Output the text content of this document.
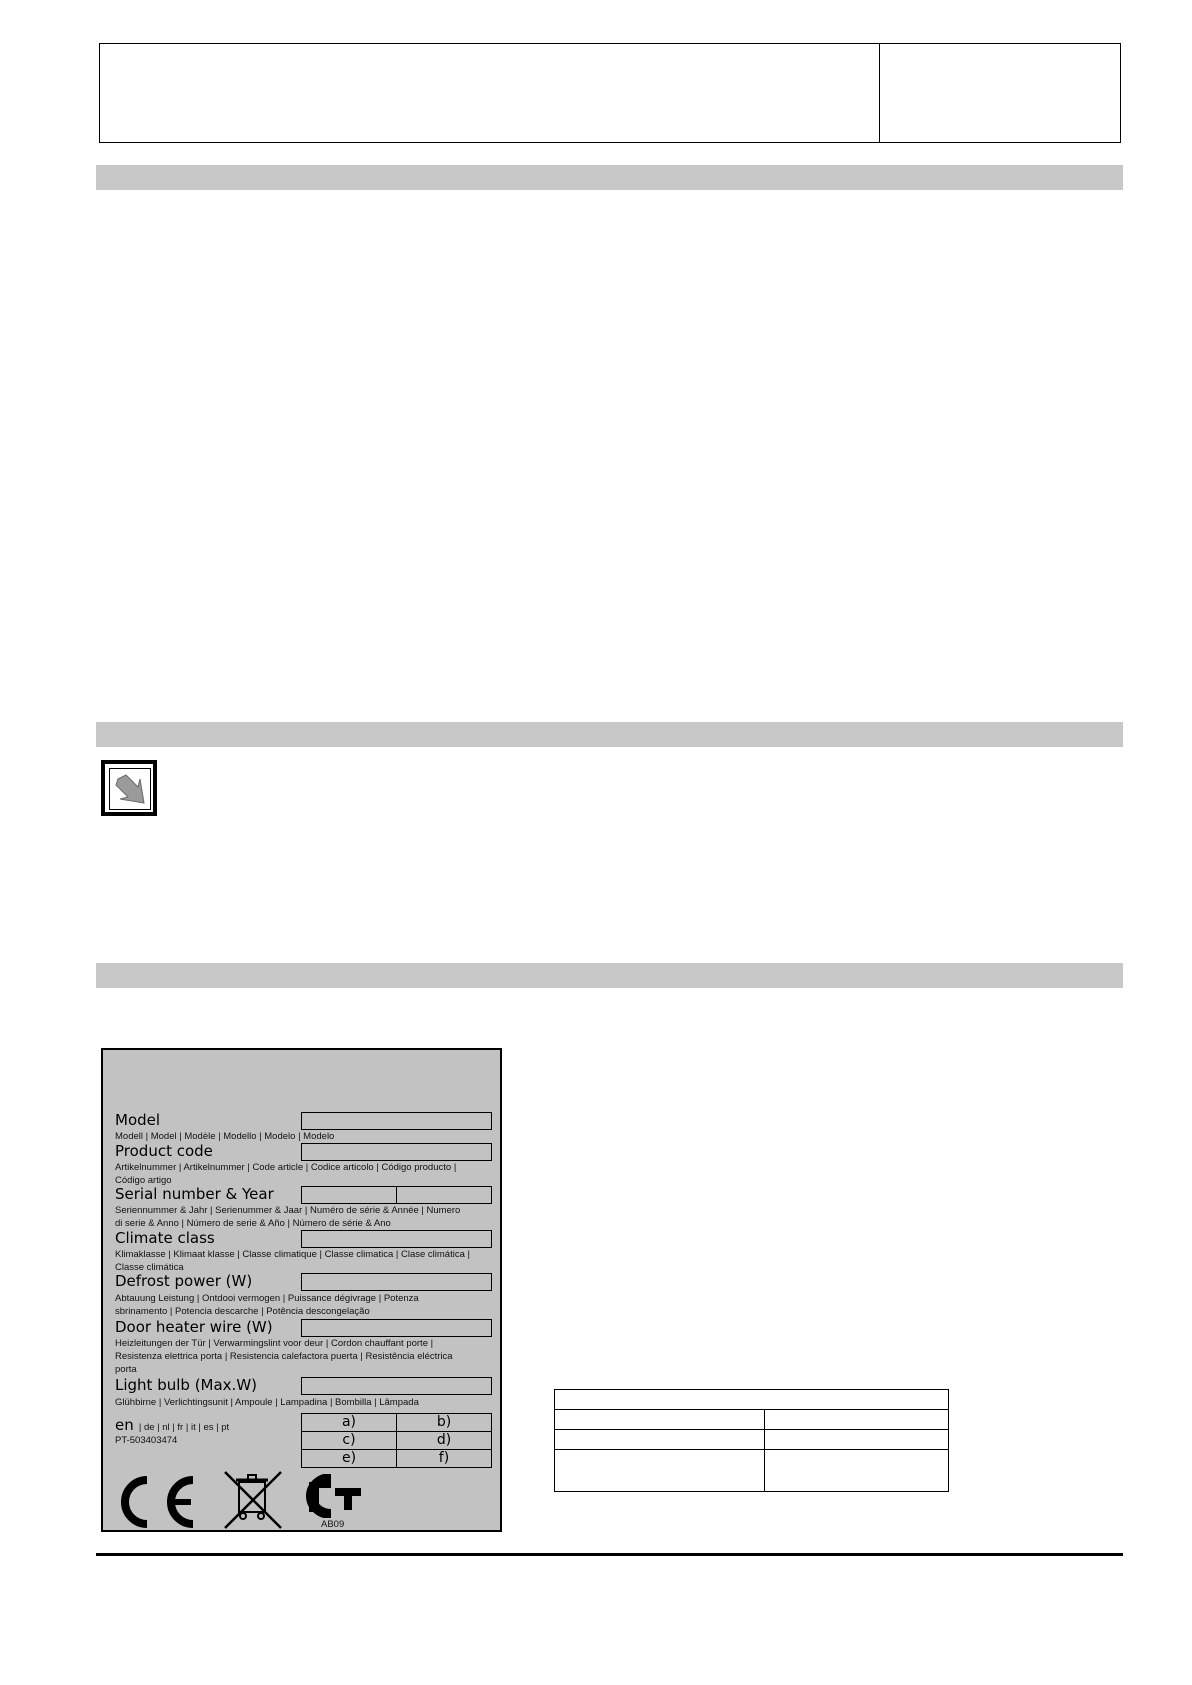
Model
Modell | Model | Modèle | Modello | Modelo | Modelo
Product code
Artikelnummer | Artikelnummer | Code article | Codice articolo | Código producto |
Código artigo
Serial number & Year
Seriennummer & Jahr | Serienummer & Jaar | Numéro de série & Année | Numero
di serie & Anno | Número de serie & Año | Número de série & Ano
Climate class
Klimaklasse | Klimaat klasse | Classe climatique | Classe climatica | Clase climática |
Classe climática
Defrost power (W)
Abtauung Leistung | Ontdooi vermogen | Puissance dégivrage | Potenza
sbrinamento | Potencia descarche | Potência descongelação
Door heater wire (W)
Heizleitungen der Tür | Verwarmingslint voor deur | Cordon chauffant porte |
Resistenza elettrica porta | Resistencia calefactora puerta | Resistência eléctrica
porta
Light bulb (Max.W)
Glühbirne | Verlichtingsunit | Ampoule | Lampadina | Bombilla | Lâmpada
en | de | nl | fr | it | es | pt
PT-503403474
a)	b)
c)	d)
e)	f)
AB09
